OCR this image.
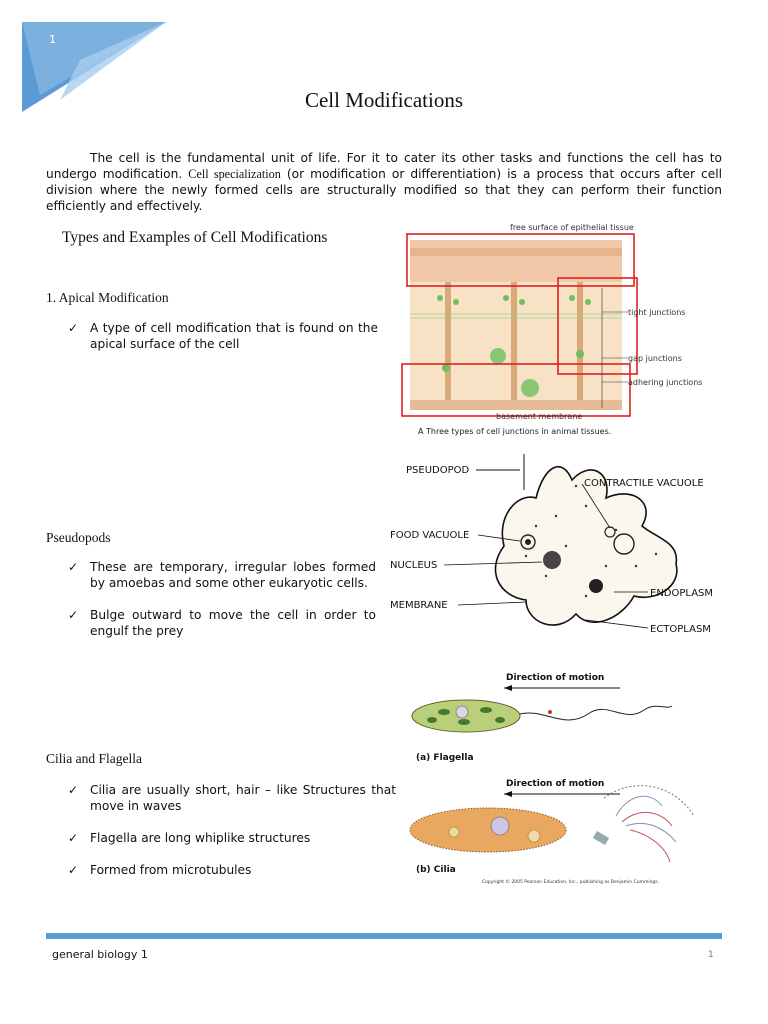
1
Cell Modifications

The cell is the fundamental unit of life. For it to cater its other tasks and functions the cell has to undergo modification. Cell specialization (or modification or differentiation) is a process that occurs after cell division where the newly formed cells are structurally modified so that they can perform their function efficiently and effectively.

Types and Examples of Cell Modifications
1. Apical Modification
✓ A type of cell modification that is found on the apical surface of the cell
Pseudopods
✓ These are temporary, irregular lobes formed by amoebas and some other eukaryotic cells.
✓ Bulge outward to move the cell in order to engulf the prey
Cilia and Flagella
✓ Cilia are usually short, hair – like Structures that move in waves
✓ Flagella are long whiplike structures
✓ Formed from microtubules
free surface of epithelial tissue
tight junctions
gap junctions
adhering junctions
basement membrane
A Three types of cell junctions in animal tissues.
PSEUDOPOD
CONTRACTILE VACUOLE
FOOD VACUOLE
NUCLEUS
ENDOPLASM
MEMBRANE
ECTOPLASM
Direction of motion
(a) Flagella
Direction of motion
(b) Cilia
Copyright © 2005 Pearson Education, Inc., publishing as Benjamin Cummings.
general biology 1	1
